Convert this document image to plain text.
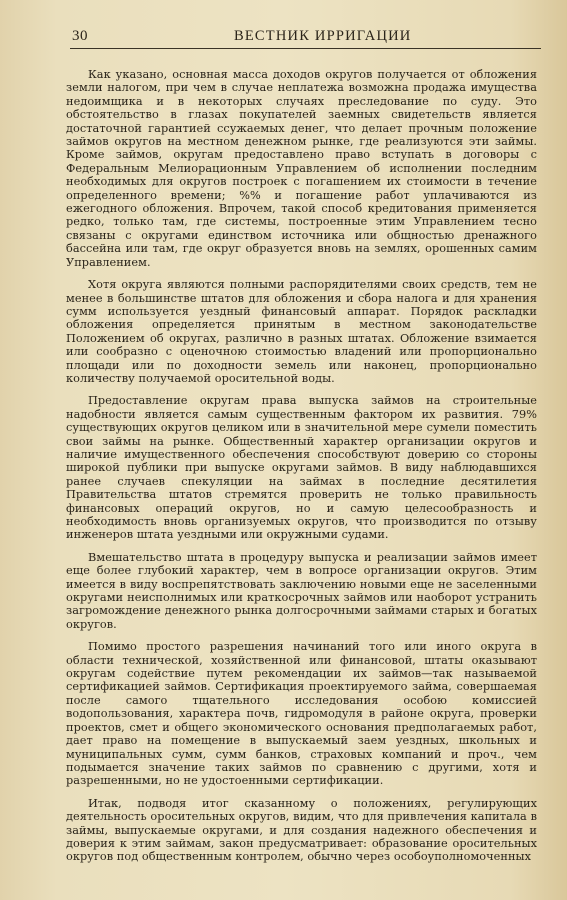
30	ВЕСТНИК ИРРИГАЦИИ

Как указано, основная масса доходов округов получается от обложения земли налогом, при чем в случае неплатежа возможна продажа имущества недоимщика и в некоторых случаях преследование по суду. Это обстоятельство в глазах покупателей заемных свидетельств является достаточной гарантией ссужаемых денег, что делает прочным положение займов округов на местном денежном рынке, где реализуются эти займы. Кроме займов, округам предоставлено право вступать в договоры с Федеральным Мелиорационным Управлением об исполнении последним необходимых для округов построек с погашением их стоимости в течение определенного времени; %% и погашение работ уплачиваются из ежегодного обложения. Впрочем, такой способ кредитования применяется редко, только там, где системы, построенные этим Управлением тесно связаны с округами единством источника или общностью дренажного бассейна или там, где округ образуется вновь на землях, орошенных самим Управлением.

Хотя округа являются полными распорядителями своих средств, тем не менее в большинстве штатов для обложения и сбора налога и для хранения сумм используется уездный финансовый аппарат. Порядок раскладки обложения определяется принятым в местном законодательстве Положением об округах, различно в разных штатах. Обложение взимается или сообразно с оценочною стоимостью владений или пропорционально площади или по доходности земель или наконец, пропорционально количеству получаемой оросительной воды.

Предоставление округам права выпуска займов на строительные надобности является самым существенным фактором их развития. 79% существующих округов целиком или в значительной мере сумели поместить свои займы на рынке. Общественный характер организации округов и наличие имущественного обеспечения способствуют доверию со стороны широкой публики при выпуске округами займов. В виду наблюдавшихся ранее случаев спекуляции на займах в последние десятилетия Правительства штатов стремятся проверить не только правильность финансовых операций округов, но и самую целесообразность и необходимость вновь организуемых округов, что производится по отзыву инженеров штата уездными или окружными судами.

Вмешательство штата в процедуру выпуска и реализации займов имеет еще более глубокий характер, чем в вопросе организации округов. Этим имеется в виду воспрепятствовать заключению новыми еще не заселенными округами неисполнимых или краткосрочных займов или наоборот устранить загромождение денежного рынка долгосрочными займами старых и богатых округов.

Помимо простого разрешения начинаний того или иного округа в области технической, хозяйственной или финансовой, штаты оказывают округам содействие путем рекомендации их займов—так называемой сертификацией займов. Сертификация проектируемого займа, совершаемая после самого тщательного исследования особою комиссией водопользования, характера почв, гидромодуля в районе округа, проверки проектов, смет и общего экономического основания предполагаемых работ, дает право на помещение в выпускаемый заем уездных, школьных и муниципальных сумм, сумм банков, страховых компаний и проч., чем подымается значение таких займов по сравнению с другими, хотя и разрешенными, но не удостоенными сертификации.

Итак, подводя итог сказанному о положениях, регулирующих деятельность оросительных округов, видим, что для привлечения капитала в займы, выпускаемые округами, и для создания надежного обеспечения и доверия к этим займам, закон предусматривает: образование оросительных округов под общественным контролем, обычно через особоуполномоченных
